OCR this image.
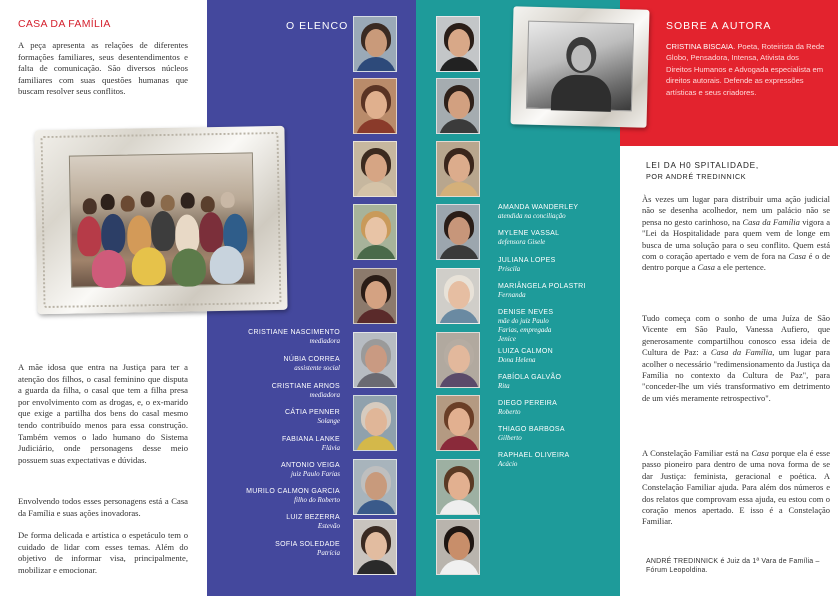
CASA DA FAMÍLIA

A peça apresenta as relações de diferentes formações familiares, seus desentendimentos e falta de comunicação. São diversos núcleos familiares com suas questões humanas que buscam resolver seus conflitos.

A mãe idosa que entra na Justiça para ter a atenção dos filhos, o casal feminino que disputa a guarda da filha, o casal que tem a filha presa por envolvimento com as drogas, e, o ex-marido que exige a partilha dos bens do casal mesmo tendo contribuído menos para essa construção. Também vemos o lado humano do Sistema Judiciário, onde personagens desse meio possuem suas expectativas e dúvidas.

Envolvendo todos esses personagens está a Casa da Família e suas ações inovadoras.

De forma delicada e artística o espetáculo tem o cuidado de lidar com esses temas. Além do objetivo de informar visa, principalmente, mobilizar e emocionar.

O ELENCO
CRISTIANE NASCIMENTO
mediadora
NÚBIA CORREA
assistente social
CRISTIANE ARNOS
mediadora
CÁTIA PENNER
Solange
FABIANA LANKE
Flávia
ANTONIO VEIGA
juiz Paulo Farias
MURILO CALMON GARCIA
filho do Roberto
LUIZ BEZERRA
Estevão
SOFIA SOLEDADE
Patrícia
AMANDA WANDERLEY
atendida na conciliação
MYLENE VASSAL
defensora Gisele
JULIANA LOPES
Priscila
MARIÂNGELA POLASTRI
Fernanda
DENISE NEVES
mãe do juiz Paulo Farias, empregada Jenice
LUIZA CALMON
Dona Helena
FABÍOLA GALVÃO
Rita
DIEGO PEREIRA
Roberto
THIAGO BARBOSA
Gilberto
RAPHAEL OLIVEIRA
Acácio
SOBRE A AUTORA

CRISTINA BISCAIA. Poeta, Roteirista da Rede Globo, Pensadora, Intensa, Ativista dos Direitos Humanos e Advogada especialista em direitos autorais. Defende as expressões artísticas e seus criadores.

LEI DA H0 SPITALIDADE,
POR ANDRÉ TREDINNICK

Às vezes um lugar para distribuir uma ação judicial não se desenha acolhedor, nem um palácio não se pensa no gesto carinhoso, na Casa da Família vigora a "Lei da Hospitalidade para quem vem de longe em busca de uma solução para o seu conflito. Quem está com o coração apertado e vem de fora na Casa é o de dentro porque a Casa a ele pertence.

Tudo começa com o sonho de uma Juíza de São Vicente em São Paulo, Vanessa Aufiero, que generosamente compartilhou conosco essa ideia de Cultura de Paz: a Casa da Família, um lugar para acolher o necessário "redimensionamento da Justiça da Família no contexto da Cultura de Paz", para "conceder-lhe um viés transformativo em detrimento de um viés meramente retrospectivo".

A Constelação Familiar está na Casa porque ela é esse passo pioneiro para dentro de uma nova forma de se dar Justiça: feminista, geracional e poética. A Constelação Familiar ajuda. Para além dos números e dos relatos que comprovam essa ajuda, eu estou com o coração menos apertado. E isso é a Constelação Familiar.

ANDRÉ TREDINNICK é Juiz da 1ª Vara de Família – Fórum Leopoldina.
